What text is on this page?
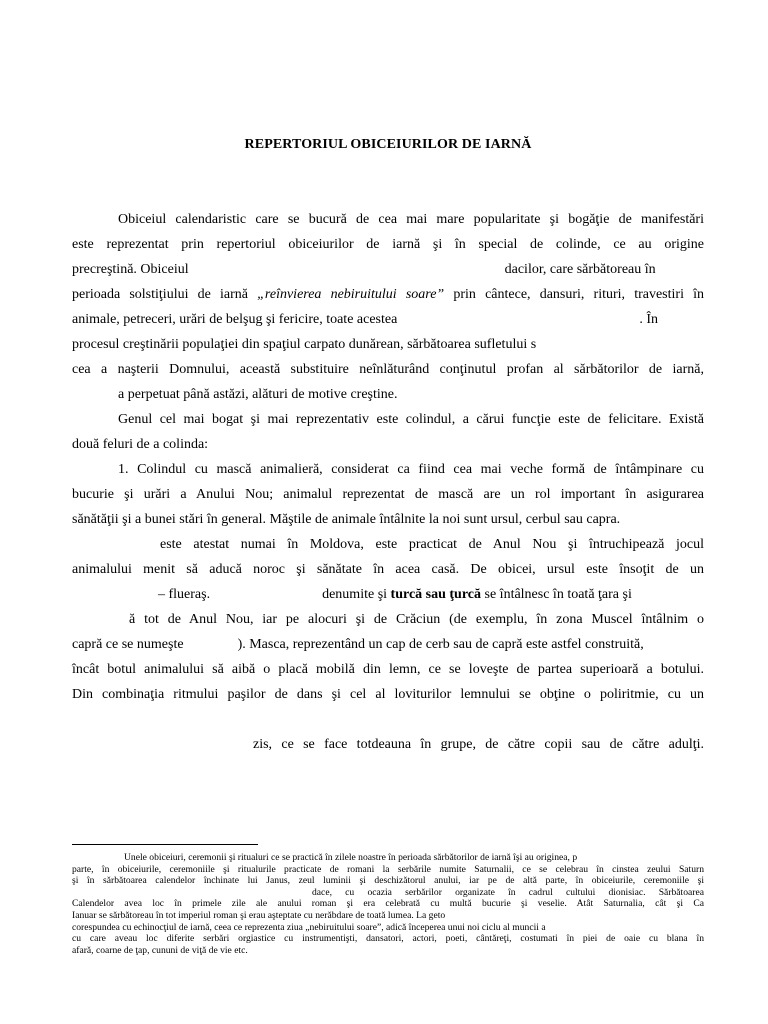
REPERTORIUL OBICEIURILOR DE IARNĂ
Obiceiul calendaristic care se bucură de cea mai mare popularitate şi bogăţie de manifestări
este reprezentat prin repertoriul obiceiurilor de iarnă şi în special de colinde, ce au origine
precreştină. Obiceiul	dacilor, care sărbătoreau în
perioada solstiţiului de iarnă „reînvierea nebiruitului soare” prin cântece, dansuri, rituri, travestiri în
animale, petreceri, urări de belşug şi fericire, toate acestea	. În
procesul creştinării populaţiei din spaţiul carpato dunărean, sărbătoarea sufletului s
cea a naşterii Domnului, această substituire neînlăturând conţinutul profan al sărbătorilor de iarnă,
a perpetuat până astăzi, alături de motive creştine.
Genul cel mai bogat şi mai reprezentativ este colindul, a cărui funcţie este de felicitare. Există
două feluri de a colinda:
1. Colindul cu mască animalieră, considerat ca fiind cea mai veche formă de întâmpinare cu
bucurie şi urări a Anului Nou; animalul reprezentat de mască are un rol important în asigurarea
sănătăţii şi a bunei stări în general. Măştile de animale întâlnite la noi sunt ursul, cerbul sau capra.
este atestat numai în Moldova, este practicat de Anul Nou şi întruchipează jocul
animalului menit să aducă noroc şi sănătate în acea casă. De obicei, ursul este însoţit de un
– flueraş.	denumite şi turcă sau ţurcă se întâlnesc în toată ţara şi
ă tot de Anul Nou, iar pe alocuri şi de Crăciun (de exemplu, în zona Muscel întâlnim o
capră ce se numeşte	). Masca, reprezentând un cap de cerb sau de capră este astfel construită,
încât botul animalului să aibă o placă mobilă din lemn, ce se loveşte de partea superioară a botului.
Din combinaţia ritmului paşilor de dans şi cel al loviturilor lemnului se obţine o poliritmie, cu un
zis, ce se face totdeauna în grupe, de către copii sau de către adulţi.
Unele obiceiuri, ceremonii şi ritualuri ce se practică în zilele noastre în perioada sărbătorilor de iarnă îşi au originea, p
parte, în obiceiurile, ceremoniile şi ritualurile practicate de romani la serbările numite Saturnalii, ce se celebrau în cinstea zeului Saturn
şi în sărbătoarea calendelor închinate lui Janus, zeul luminii şi deschizătorul anului, iar pe de altă parte, în obiceiurile, ceremoniile şi
dace, cu ocazia serbărilor organizate în cadrul cultului dionisiac. Sărbătoarea
Calendelor avea loc în primele zile ale anului roman şi era celebrată cu multă bucurie şi veselie. Atât Saturnalia, cât şi Ca
Ianuar se sărbătoreau în tot imperiul roman şi erau aşteptate cu nerăbdare de toată lumea. La geto
corespundea cu echinocţiul de iarnă, ceea ce reprezenta ziua „nebiruitului soare”, adică începerea unui noi ciclu al muncii a
cu care aveau loc diferite serbări orgiastice cu instrumentişti, dansatori, actori, poeti, cântăreţi, costumati în piei de oaie cu blana în
afară, coarne de ţap, cununi de viţă de vie etc.
